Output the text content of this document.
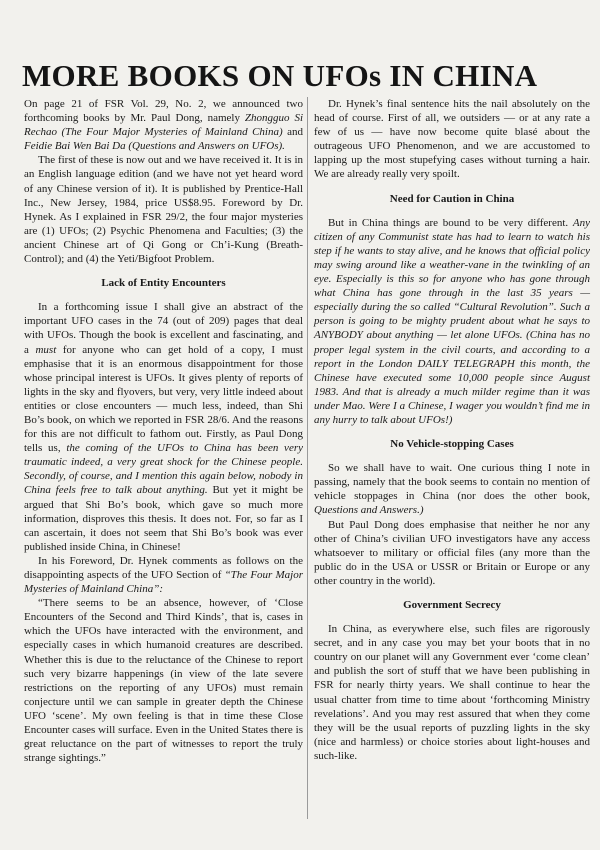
MORE BOOKS ON UFOs IN CHINA

On page 21 of FSR Vol. 29, No. 2, we announced two forthcoming books by Mr. Paul Dong, namely Zhongguo Si Rechao (The Four Major Mysteries of Mainland China) and Feidie Bai Wen Bai Da (Questions and Answers on UFOs).

The first of these is now out and we have received it. It is in an English language edition (and we have not yet heard word of any Chinese version of it). It is published by Prentice-Hall Inc., New Jersey, 1984, price US$8.95. Foreword by Dr. Hynek. As I explained in FSR 29/2, the four major mysteries are (1) UFOs; (2) Psychic Phenomena and Faculties; (3) the ancient Chinese art of Qi Gong or Ch’i-Kung (Breath-Control); and (4) the Yeti/Bigfoot Problem.

Lack of Entity Encounters

In a forthcoming issue I shall give an abstract of the important UFO cases in the 74 (out of 209) pages that deal with UFOs. Though the book is excellent and fascinating, and a must for anyone who can get hold of a copy, I must emphasise that it is an enormous disappointment for those whose principal interest is UFOs. It gives plenty of reports of lights in the sky and flyovers, but very, very little indeed about entities or close encounters — much less, indeed, than Shi Bo’s book, on which we reported in FSR 28/6. And the reasons for this are not difficult to fathom out. Firstly, as Paul Dong tells us, the coming of the UFOs to China has been very traumatic indeed, a very great shock for the Chinese people. Secondly, of course, and I mention this again below, nobody in China feels free to talk about anything. But yet it might be argued that Shi Bo’s book, which gave so much more information, disproves this thesis. It does not. For, so far as I can ascertain, it does not seem that Shi Bo’s book was ever published inside China, in Chinese!

In his Foreword, Dr. Hynek comments as follows on the disappointing aspects of the UFO Section of “The Four Major Mysteries of Mainland China”:

“There seems to be an absence, however, of ‘Close Encounters of the Second and Third Kinds’, that is, cases in which the UFOs have interacted with the environment, and especially cases in which humanoid creatures are described. Whether this is due to the reluctance of the Chinese to report such very bizarre happenings (in view of the late severe restrictions on the reporting of any UFOs) must remain conjecture until we can sample in greater depth the Chinese UFO ‘scene’. My own feeling is that in time these Close Encounter cases will surface. Even in the United States there is great reluctance on the part of witnesses to report the truly strange sightings.”

Dr. Hynek’s final sentence hits the nail absolutely on the head of course. First of all, we outsiders — or at any rate a few of us — have now become quite blasé about the outrageous UFO Phenomenon, and we are accustomed to lapping up the most stupefying cases without turning a hair. We are already really very spoilt.

Need for Caution in China

But in China things are bound to be very different. Any citizen of any Communist state has had to learn to watch his step if he wants to stay alive, and he knows that official policy may swing around like a weather-vane in the twinkling of an eye. Especially is this so for anyone who has gone through what China has gone through in the last 35 years — especially during the so called “Cultural Revolution”. Such a person is going to be mighty prudent about what he says to ANYBODY about anything — let alone UFOs. (China has no proper legal system in the civil courts, and according to a report in the London DAILY TELEGRAPH this month, the Chinese have executed some 10,000 people since August 1983. And that is already a much milder regime than it was under Mao. Were I a Chinese, I wager you wouldn’t find me in any hurry to talk about UFOs!)

No Vehicle-stopping Cases

So we shall have to wait. One curious thing I note in passing, namely that the book seems to contain no mention of vehicle stoppages in China (nor does the other book, Questions and Answers.)

But Paul Dong does emphasise that neither he nor any other of China’s civilian UFO investigators have any access whatsoever to military or official files (any more than the public do in the USA or USSR or Britain or Europe or any other country in the world).

Government Secrecy

In China, as everywhere else, such files are rigorously secret, and in any case you may bet your boots that in no country on our planet will any Government ever ‘come clean’ and publish the sort of stuff that we have been publishing in FSR for nearly thirty years. We shall continue to hear the usual chatter from time to time about ‘forthcoming Ministry revelations’. And you may rest assured that when they come they will be the usual reports of puzzling lights in the sky (nice and harmless) or choice stories about light-houses and such-like.
